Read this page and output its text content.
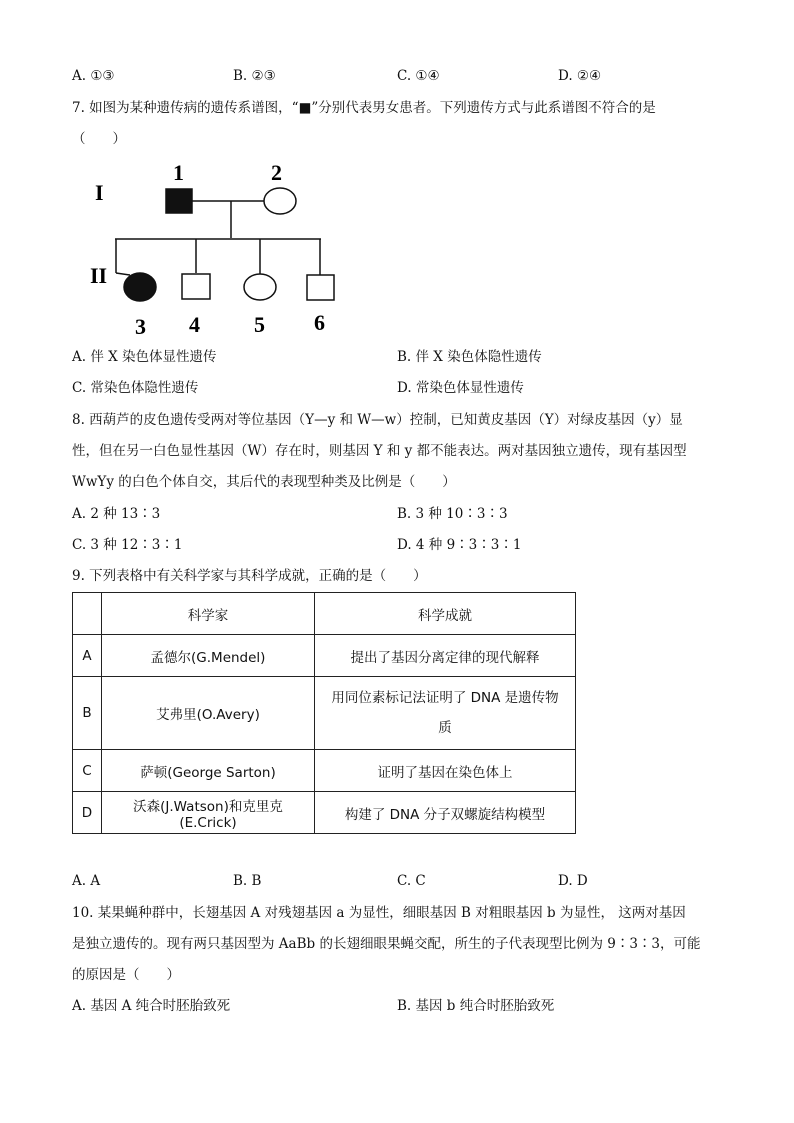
A. ①③	B. ②③	C. ①④	D. ②④
7. 如图为某种遗传病的遗传系谱图，“■”分别代表男女患者。下列遗传方式与此系谱图不符合的是
（　　）
I
II
1	2
3 4 5 6
A. 伴 X 染色体显性遗传	B. 伴 X 染色体隐性遗传
C. 常染色体隐性遗传	D. 常染色体显性遗传
8. 西葫芦的皮色遗传受两对等位基因（Y—y 和 W—w）控制，已知黄皮基因（Y）对绿皮基因（y）显
性，但在另一白色显性基因（W）存在时，则基因 Y 和 y 都不能表达。两对基因独立遗传，现有基因型
WwYy 的白色个体自交，其后代的表现型种类及比例是（　　）
A. 2 种 13∶3	B. 3 种 10∶3∶3
C. 3 种 12∶3∶1	D. 4 种 9∶3∶3∶1
9. 下列表格中有关科学家与其科学成就，正确的是（　　）
	科学家	科学成就
A	孟德尔(G.Mendel)	提出了基因分离定律的现代解释
B	艾弗里(O.Avery)	用同位素标记法证明了 DNA 是遗传物
质

C	萨顿(George Sarton)	证明了基因在染色体上
D	沃森(J.Watson)和克里克(E.Crick)	构建了 DNA 分子双螺旋结构模型
A. A	B. B	C. C	D. D
10. 某果蝇种群中，长翅基因 A 对残翅基因 a 为显性，细眼基因 B 对粗眼基因 b 为显性， 这两对基因
是独立遗传的。现有两只基因型为 AaBb 的长翅细眼果蝇交配，所生的子代表现型比例为 9∶3∶3，可能
的原因是（　　）
A. 基因 A 纯合时胚胎致死	B. 基因 b 纯合时胚胎致死
